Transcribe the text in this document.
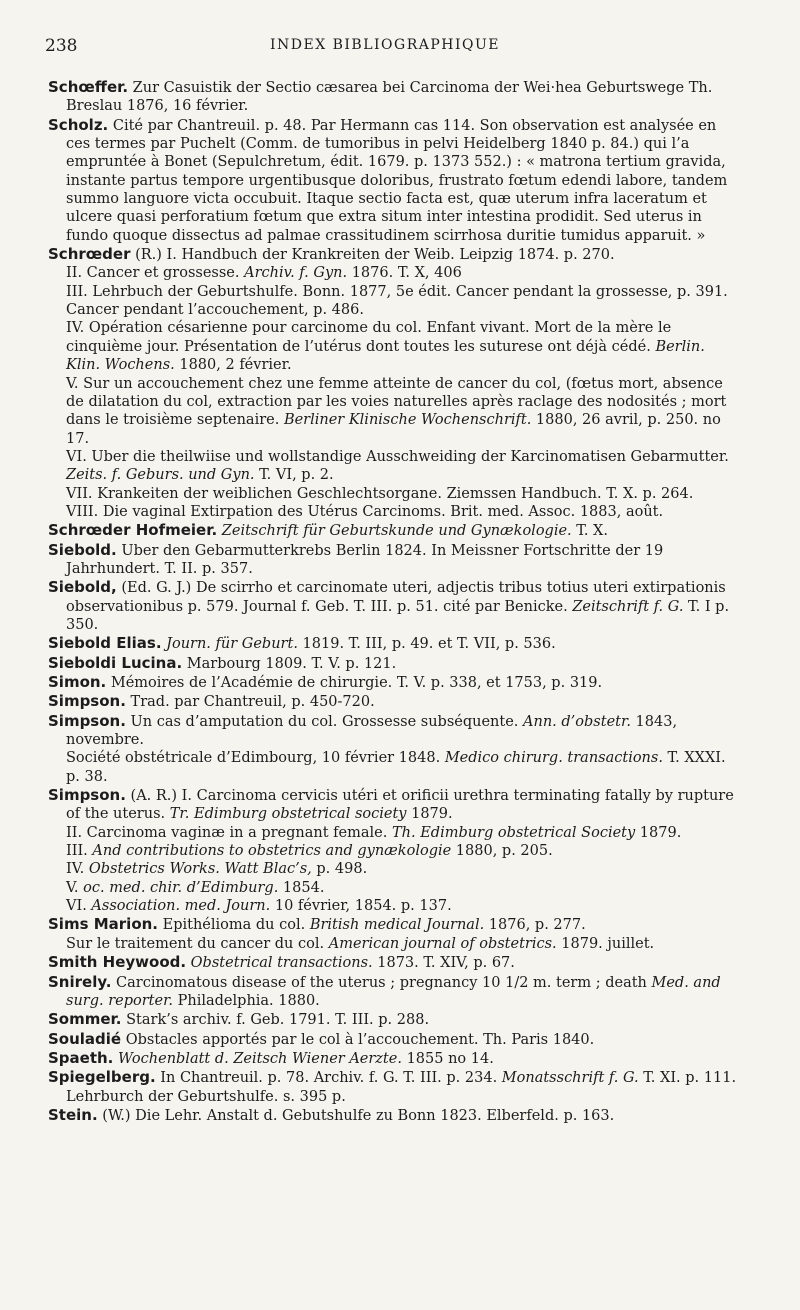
238	INDEX BIBLIOGRAPHIQUE

Schœffer. Zur Casuistik der Sectio cæsarea bei Carcinoma der Wei·hea Geburtswege Th. Breslau 1876, 16 février.

Scholz. Cité par Chantreuil. p. 48. Par Hermann cas 114. Son observation est analysée en ces termes par Puchelt (Comm. de tumoribus in pelvi Heidelberg 1840 p. 84.) qui l’a empruntée à Bonet (Sepulchretum, édit. 1679. p. 1373 552.) : « matrona tertium gravida, instante partus tempore urgentibusque doloribus, frustrato fœtum edendi labore, tandem summo languore victa occubuit. Itaque sectio facta est, quæ uterum infra laceratum et ulcere quasi perforatium fœtum que extra situm inter intestina prodidit. Sed uterus in fundo quoque dissectus ad palmae crassitudinem scirrhosa duritie tumidus apparuit. »

Schrœder (R.) I. Handbuch der Krankreiten der Weib. Leipzig 1874. p. 270.

II. Cancer et grossesse. Archiv. f. Gyn. 1876. T. X, 406

III. Lehrbuch der Geburtshulfe. Bonn. 1877, 5e édit. Cancer pendant la grossesse, p. 391. Cancer pendant l’accouchement, p. 486.

IV. Opération césarienne pour carcinome du col. Enfant vivant. Mort de la mère le cinquième jour. Présentation de l’utérus dont toutes les suturese ont déjà cédé. Berlin. Klin. Wochens. 1880, 2 février.

V. Sur un accouchement chez une femme atteinte de cancer du col, (fœtus mort, absence de dilatation du col, extraction par les voies naturelles après raclage des nodosités ; mort dans le troisième septenaire. Berliner Klinische Wochenschrift. 1880, 26 avril, p. 250. no 17.

VI. Uber die theilwiise und wollstandige Ausschweiding der Karcinomatisen Gebarmutter. Zeits. f. Geburs. und Gyn. T. VI, p. 2.

VII. Krankeiten der weiblichen Geschlechtsorgane. Ziemssen Handbuch. T. X. p. 264.

VIII. Die vaginal Extirpation des Utérus Carcinoms. Brit. med. Assoc. 1883, août.

Schrœder Hofmeier. Zeitschrift für Geburtskunde und Gynækologie. T. X.

Siebold. Uber den Gebarmutterkrebs Berlin 1824. In Meissner Fortschritte der 19 Jahrhundert. T. II. p. 357.

Siebold, (Ed. G. J.) De scirrho et carcinomate uteri, adjectis tribus totius uteri extirpationis observationibus p. 579. Journal f. Geb. T. III. p. 51. cité par Benicke. Zeitschrift f. G. T. I p. 350.

Siebold Elias. Journ. für Geburt. 1819. T. III, p. 49. et T. VII, p. 536.

Sieboldi Lucina. Marbourg 1809. T. V. p. 121.

Simon. Mémoires de l’Académie de chirurgie. T. V. p. 338, et 1753, p. 319.

Simpson. Trad. par Chantreuil, p. 450-720.

Simpson. Un cas d’amputation du col. Grossesse subséquente. Ann. d’obstetr. 1843, novembre.

Société obstétricale d’Edimbourg, 10 février 1848. Medico chirurg. transactions. T. XXXI. p. 38.

Simpson. (A. R.) I. Carcinoma cervicis utéri et orificii urethra terminating fatally by rupture of the uterus. Tr. Edimburg obstetrical society 1879.

II. Carcinoma vaginæ in a pregnant female. Th. Edimburg obstetrical Society 1879.

III. And contributions to obstetrics and gynækologie 1880, p. 205.

IV. Obstetrics Works. Watt Blac’s, p. 498.

V. oc. med. chir. d’Edimburg. 1854.

VI. Association. med. Journ. 10 février, 1854. p. 137.

Sims Marion. Epithélioma du col. British medical Journal. 1876, p. 277.

Sur le traitement du cancer du col. American journal of obstetrics. 1879. juillet.

Smith Heywood. Obstetrical transactions. 1873. T. XIV, p. 67.

Snirely. Carcinomatous disease of the uterus ; pregnancy 10 1/2 m. term ; death Med. and surg. reporter. Philadelphia. 1880.

Sommer. Stark’s archiv. f. Geb. 1791. T. III. p. 288.

Souladié Obstacles apportés par le col à l’accouchement. Th. Paris 1840.

Spaeth. Wochenblatt d. Zeitsch Wiener Aerzte. 1855 no 14.

Spiegelberg. In Chantreuil. p. 78. Archiv. f. G. T. III. p. 234. Monatsschrift f. G. T. XI. p. 111. Lehrburch der Geburtshulfe. s. 395 p.

Stein. (W.) Die Lehr. Anstalt d. Gebutshulfe zu Bonn 1823. Elberfeld. p. 163.
